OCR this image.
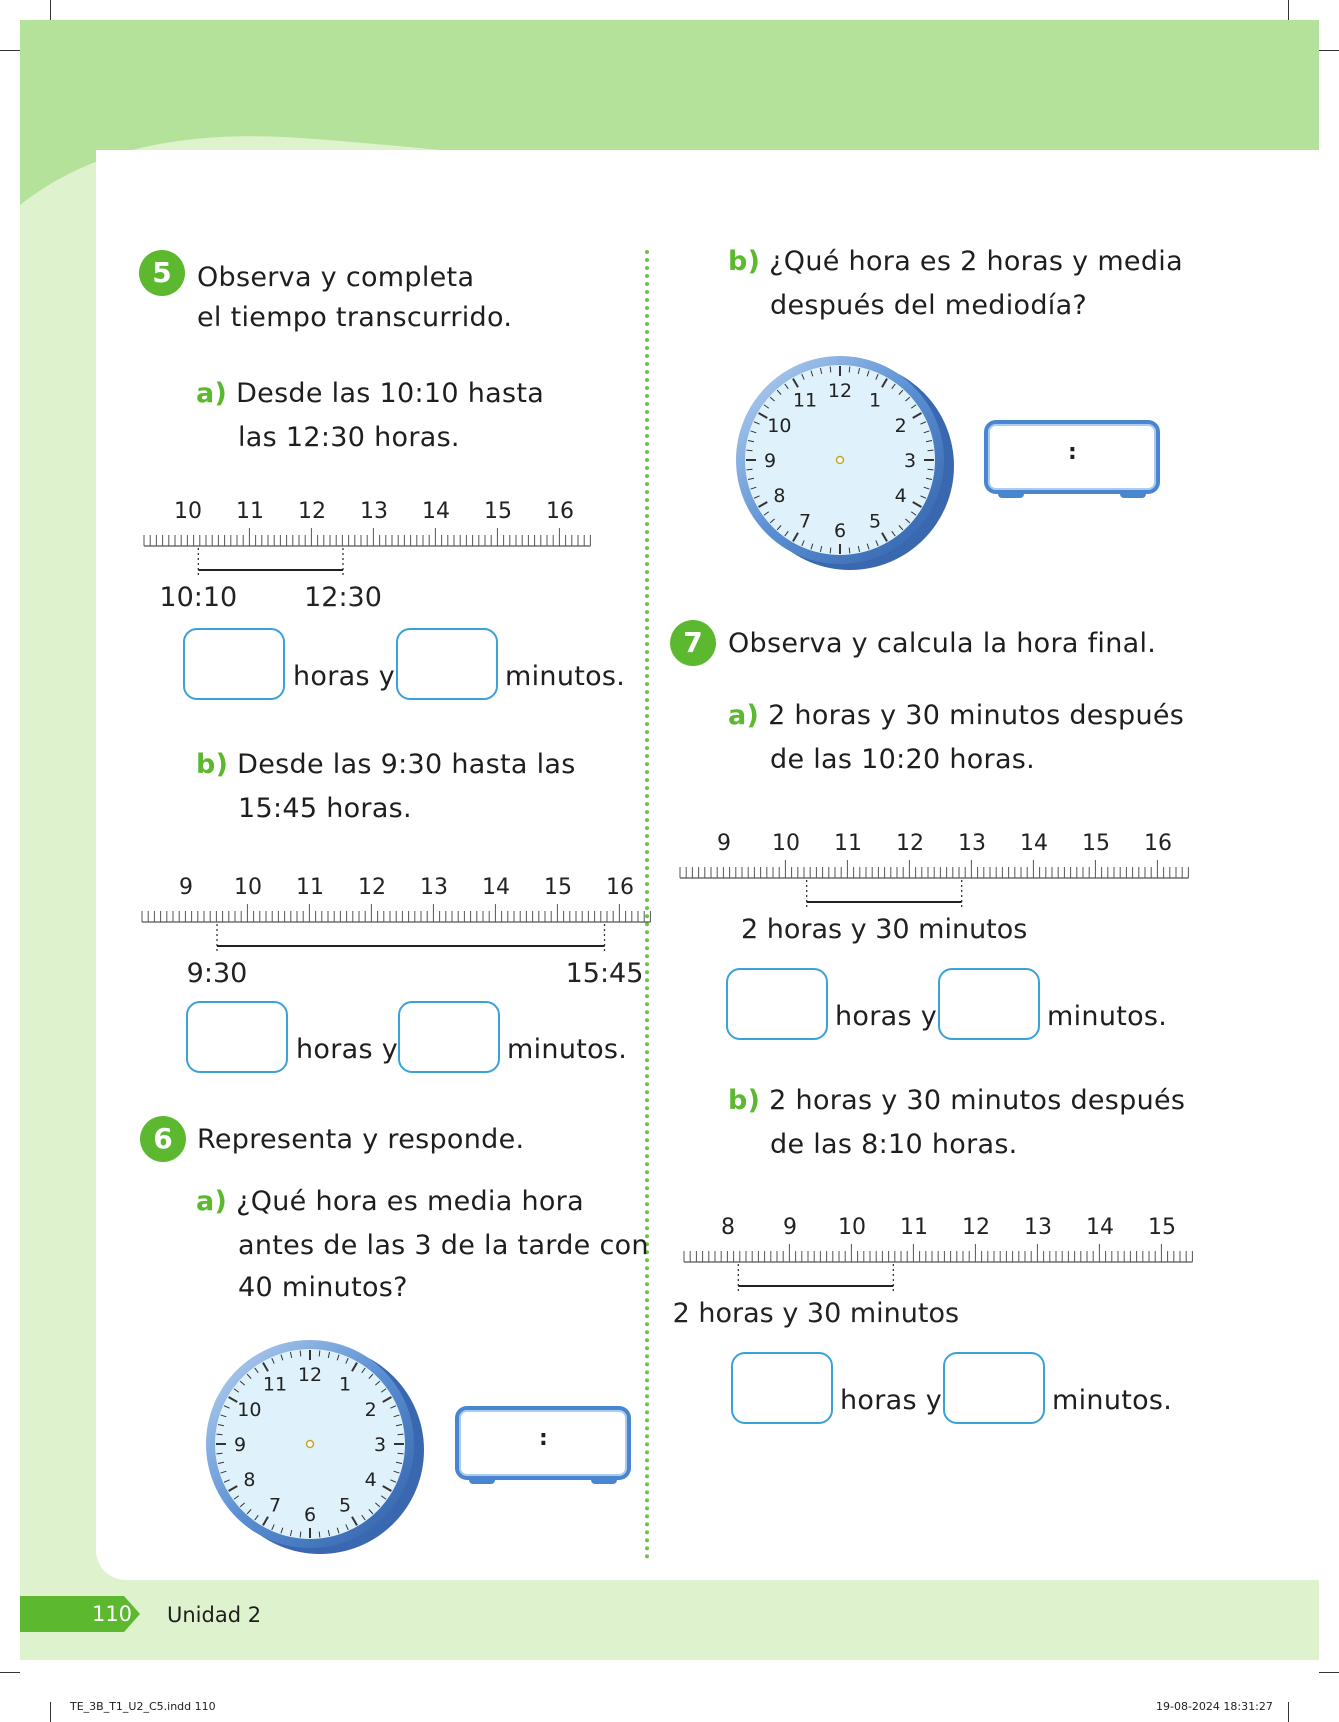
5 Observa y completa
el tiempo transcurrido.
a) Desde las 10:10 hasta
las 12:30 horas.
10 11 12 13 14 15 16
10:10 12:30
horas y	minutos.
b) Desde las 9:30 hasta las
15:45 horas.
9 10 11 12 13 14 15 16
9:30	15:45
horas y	minutos.
6 Representa y responde.
a) ¿Qué hora es media hora
antes de las 3 de la tarde con
40 minutos?
12 1
2
3
4
5
6
7
8
9
10
11
:
b) ¿Qué hora es 2 horas y media
después del mediodía?
12 1
2
3
4
5
6
7
8
9
10
11
:
7 Observa y calcula la hora final.
a) 2 horas y 30 minutos después
de las 10:20 horas.
9 10 11 12 13 14 15 16
2 horas y 30 minutos
horas y	minutos.
b) 2 horas y 30 minutos después
de las 8:10 horas.
8 9 10 11 12 13 14 15
2 horas y 30 minutos
horas y	minutos.
110	Unidad 2
TE_3B_T1_U2_C5.indd 110	19-08-2024 18:31:27
